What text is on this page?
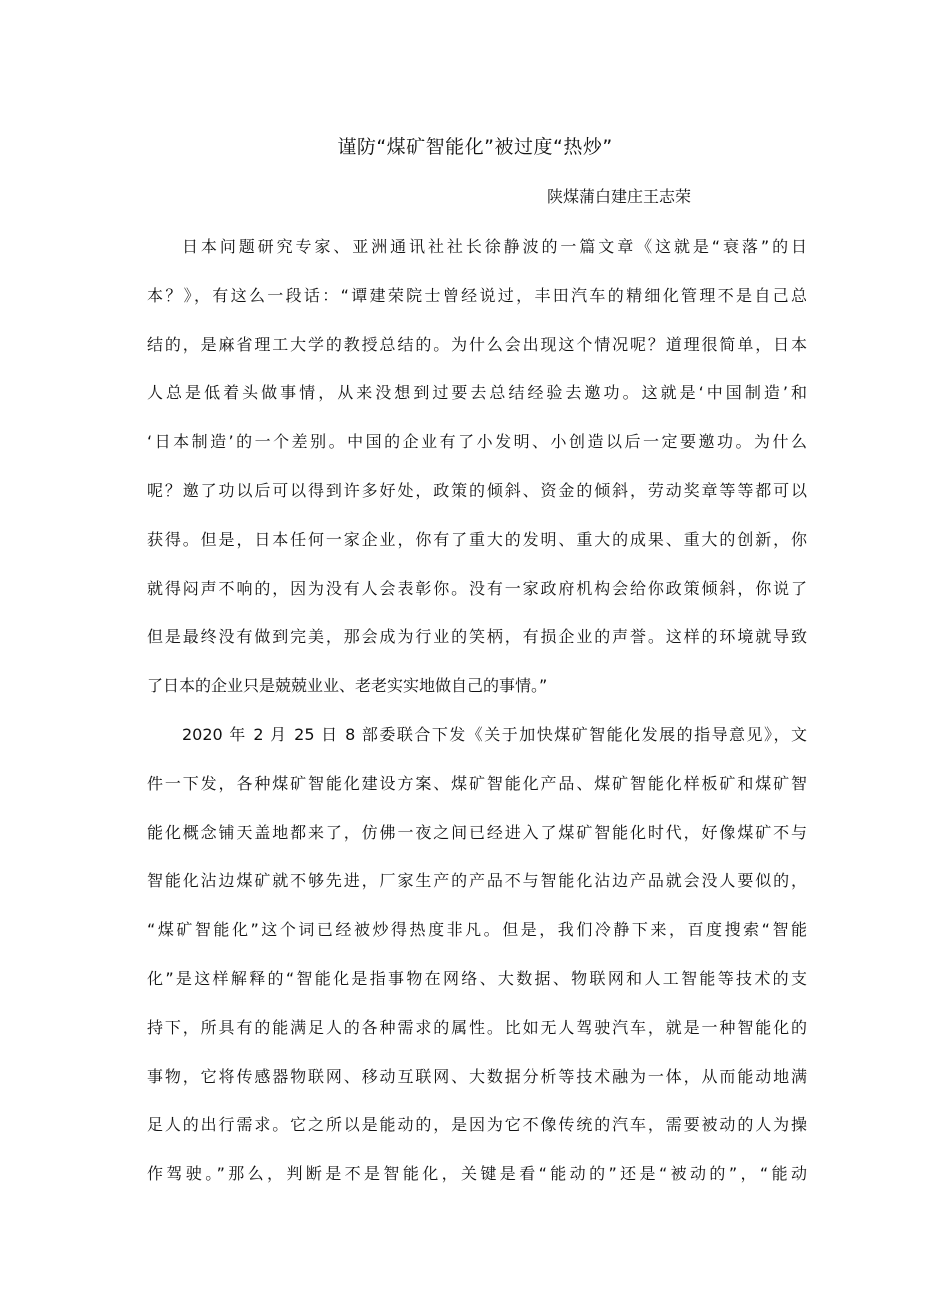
谨防“煤矿智能化”被过度“热炒”
陕煤蒲白建庄王志荣
日本问题研究专家、亚洲通讯社社长徐静波的一篇文章《这就是“衰落”的日
本？》，有这么一段话：“谭建荣院士曾经说过，丰田汽车的精细化管理不是自己总
结的，是麻省理工大学的教授总结的。为什么会出现这个情况呢？道理很简单，日本
人总是低着头做事情，从来没想到过要去总结经验去邀功。这就是‘中国制造’和
‘日本制造’的一个差别。中国的企业有了小发明、小创造以后一定要邀功。为什么
呢？邀了功以后可以得到许多好处，政策的倾斜、资金的倾斜，劳动奖章等等都可以
获得。但是，日本任何一家企业，你有了重大的发明、重大的成果、重大的创新，你
就得闷声不响的，因为没有人会表彰你。没有一家政府机构会给你政策倾斜，你说了
但是最终没有做到完美，那会成为行业的笑柄，有损企业的声誉。这样的环境就导致
了日本的企业只是兢兢业业、老老实实地做自己的事情。”
2020 年 2 月 25 日 8 部委联合下发《关于加快煤矿智能化发展的指导意见》，文
件一下发，各种煤矿智能化建设方案、煤矿智能化产品、煤矿智能化样板矿和煤矿智
能化概念铺天盖地都来了，仿佛一夜之间已经进入了煤矿智能化时代，好像煤矿不与
智能化沾边煤矿就不够先进，厂家生产的产品不与智能化沾边产品就会没人要似的，
“煤矿智能化”这个词已经被炒得热度非凡。但是，我们冷静下来，百度搜索“智能
化”是这样解释的“智能化是指事物在网络、大数据、物联网和人工智能等技术的支
持下，所具有的能满足人的各种需求的属性。比如无人驾驶汽车，就是一种智能化的
事物，它将传感器物联网、移动互联网、大数据分析等技术融为一体，从而能动地满
足人的出行需求。它之所以是能动的，是因为它不像传统的汽车，需要被动的人为操
作驾驶。”那么，判断是不是智能化，关键是看“能动的”还是“被动的”，“能动
